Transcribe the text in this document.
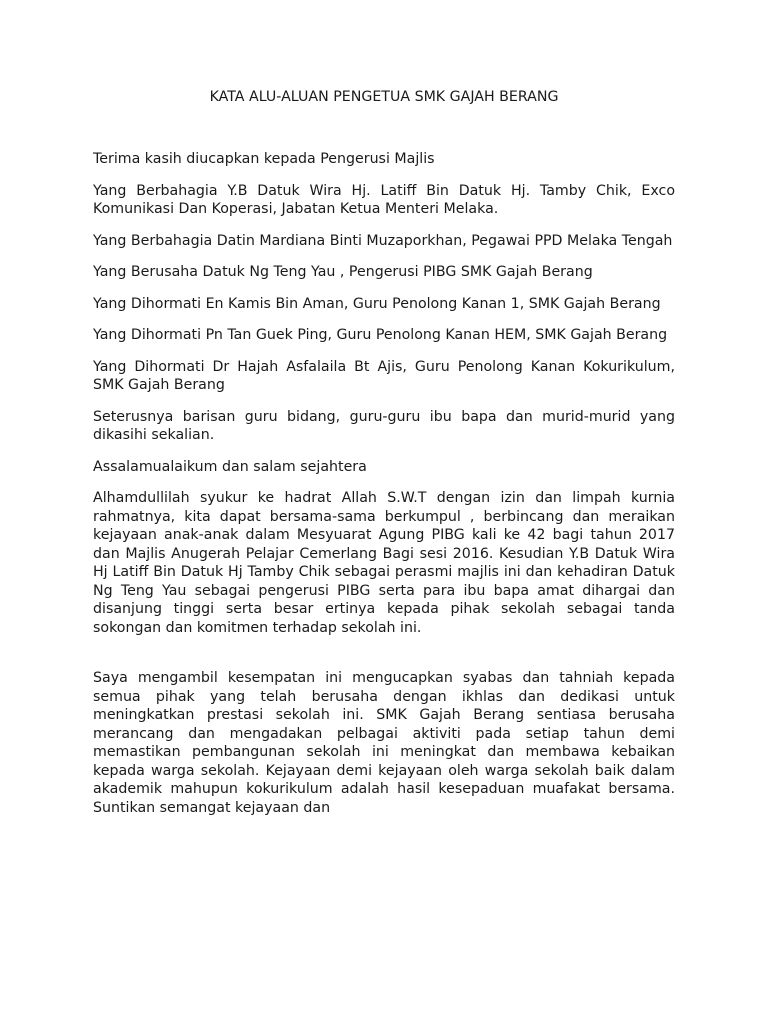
KATA ALU-ALUAN PENGETUA SMK GAJAH BERANG

Terima kasih diucapkan kepada Pengerusi Majlis

Yang Berbahagia Y.B Datuk Wira Hj. Latiff Bin Datuk Hj. Tamby Chik, Exco Komunikasi Dan Koperasi, Jabatan Ketua Menteri Melaka.

Yang Berbahagia Datin Mardiana Binti Muzaporkhan, Pegawai PPD Melaka Tengah

Yang Berusaha Datuk Ng Teng Yau , Pengerusi PIBG SMK Gajah Berang

Yang Dihormati En Kamis Bin Aman, Guru Penolong Kanan 1, SMK Gajah Berang

Yang Dihormati Pn Tan Guek Ping, Guru Penolong Kanan HEM, SMK Gajah Berang

Yang Dihormati Dr Hajah Asfalaila Bt Ajis, Guru Penolong Kanan Kokurikulum, SMK Gajah Berang

Seterusnya barisan guru bidang, guru-guru ibu bapa dan murid-murid yang dikasihi sekalian.

Assalamualaikum dan salam sejahtera

Alhamdullilah syukur ke hadrat Allah S.W.T dengan izin dan limpah kurnia rahmatnya, kita dapat bersama-sama berkumpul , berbincang dan meraikan kejayaan anak-anak dalam Mesyuarat Agung PIBG kali ke 42 bagi tahun 2017 dan Majlis Anugerah Pelajar Cemerlang Bagi sesi 2016. Kesudian Y.B Datuk Wira Hj Latiff Bin Datuk Hj Tamby Chik sebagai perasmi majlis ini dan kehadiran Datuk Ng Teng Yau sebagai pengerusi PIBG serta para ibu bapa amat dihargai dan disanjung tinggi serta besar ertinya kepada pihak sekolah sebagai tanda sokongan dan komitmen terhadap sekolah ini.

Saya mengambil kesempatan ini mengucapkan syabas dan tahniah kepada semua pihak yang telah berusaha dengan ikhlas dan dedikasi untuk meningkatkan prestasi sekolah ini. SMK Gajah Berang sentiasa berusaha merancang dan mengadakan pelbagai aktiviti pada setiap tahun demi memastikan pembangunan sekolah ini meningkat dan membawa kebaikan kepada warga sekolah. Kejayaan demi kejayaan oleh warga sekolah baik dalam akademik mahupun kokurikulum adalah hasil kesepaduan muafakat bersama. Suntikan semangat kejayaan dan
